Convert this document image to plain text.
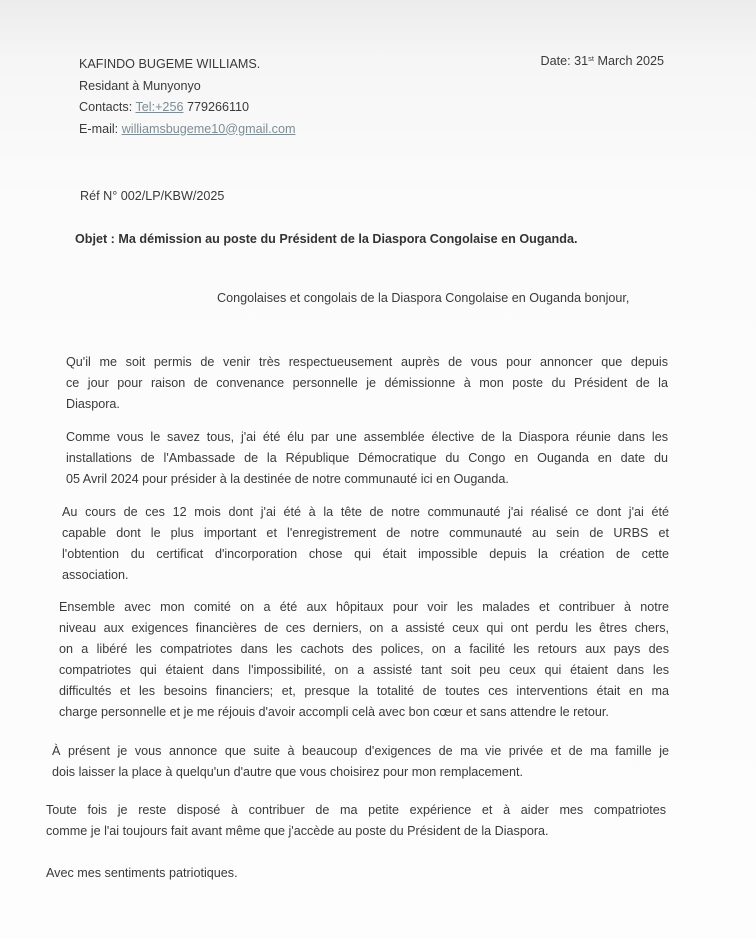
KAFINDO BUGEME WILLIAMS.
Residant à Munyonyo
Contacts: Tel:+256 779266110
E-mail: williamsbugeme10@gmail.com
Date: 31st March 2025
Réf N° 002/LP/KBW/2025
Objet : Ma démission au poste du Président de la Diaspora Congolaise en Ouganda.
Congolaises et congolais de la Diaspora Congolaise en Ouganda bonjour,

Qu'il me soit permis de venir très respectueusement auprès de vous pour annoncer que depuis
ce jour pour raison de convenance personnelle je démissionne à mon poste du Président de la
Diaspora.

Comme vous le savez tous, j'ai été élu par une assemblée élective de la Diaspora réunie dans les
installations de l'Ambassade de la République Démocratique du Congo en Ouganda en date du
05 Avril 2024 pour présider à la destinée de notre communauté ici en Ouganda.

Au cours de ces 12 mois dont j'ai été à la tête de notre communauté j'ai réalisé ce dont j'ai été
capable dont le plus important et l'enregistrement de notre communauté au sein de URBS et
l'obtention du certificat d'incorporation chose qui était impossible depuis la création de cette
association.

Ensemble avec mon comité on a été aux hôpitaux pour voir les malades et contribuer à notre
niveau aux exigences financières de ces derniers, on a assisté ceux qui ont perdu les êtres chers,
on a libéré les compatriotes dans les cachots des polices, on a facilité les retours aux pays des
compatriotes qui étaient dans l'impossibilité, on a assisté tant soit peu ceux qui étaient dans les
difficultés et les besoins financiers; et, presque la totalité de toutes ces interventions était en ma
charge personnelle et je me réjouis d'avoir accompli celà avec bon cœur et sans attendre le retour.

À présent je vous annonce que suite à beaucoup d'exigences de ma vie privée et de ma famille je
dois laisser la place à quelqu'un d'autre que vous choisirez pour mon remplacement.

Toute fois je reste disposé à contribuer de ma petite expérience et à aider mes compatriotes
comme je l'ai toujours fait avant même que j'accède au poste du Président de la Diaspora.

Avec mes sentiments patriotiques.
